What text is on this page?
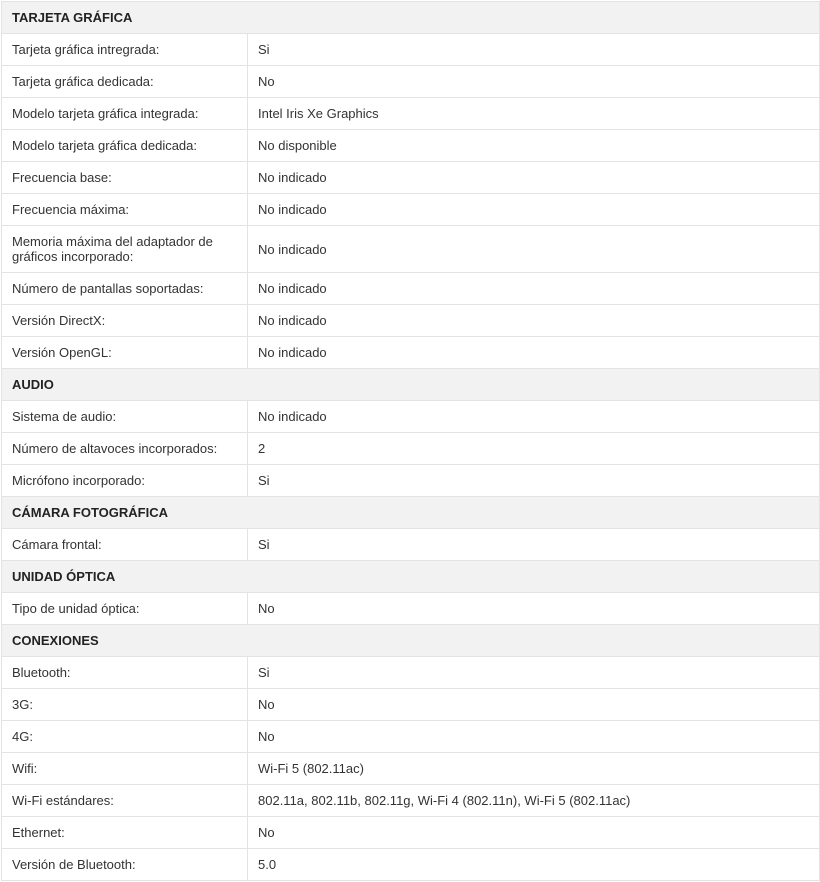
TARJETA GRÁFICA	
Tarjeta gráfica intregrada:	Si
Tarjeta gráfica dedicada:	No
Modelo tarjeta gráfica integrada:	Intel Iris Xe Graphics
Modelo tarjeta gráfica dedicada:	No disponible
Frecuencia base:	No indicado
Frecuencia máxima:	No indicado
Memoria máxima del adaptador de gráficos incorporado:	No indicado
Número de pantallas soportadas:	No indicado
Versión DirectX:	No indicado
Versión OpenGL:	No indicado
AUDIO	
Sistema de audio:	No indicado
Número de altavoces incorporados:	2
Micrófono incorporado:	Si
CÁMARA FOTOGRÁFICA	
Cámara frontal:	Si
UNIDAD ÓPTICA	
Tipo de unidad óptica:	No
CONEXIONES	
Bluetooth:	Si
3G:	No
4G:	No
Wifi:	Wi-Fi 5 (802.11ac)
Wi-Fi estándares:	802.11a, 802.11b, 802.11g, Wi-Fi 4 (802.11n), Wi-Fi 5 (802.11ac)
Ethernet:	No
Versión de Bluetooth:	5.0
